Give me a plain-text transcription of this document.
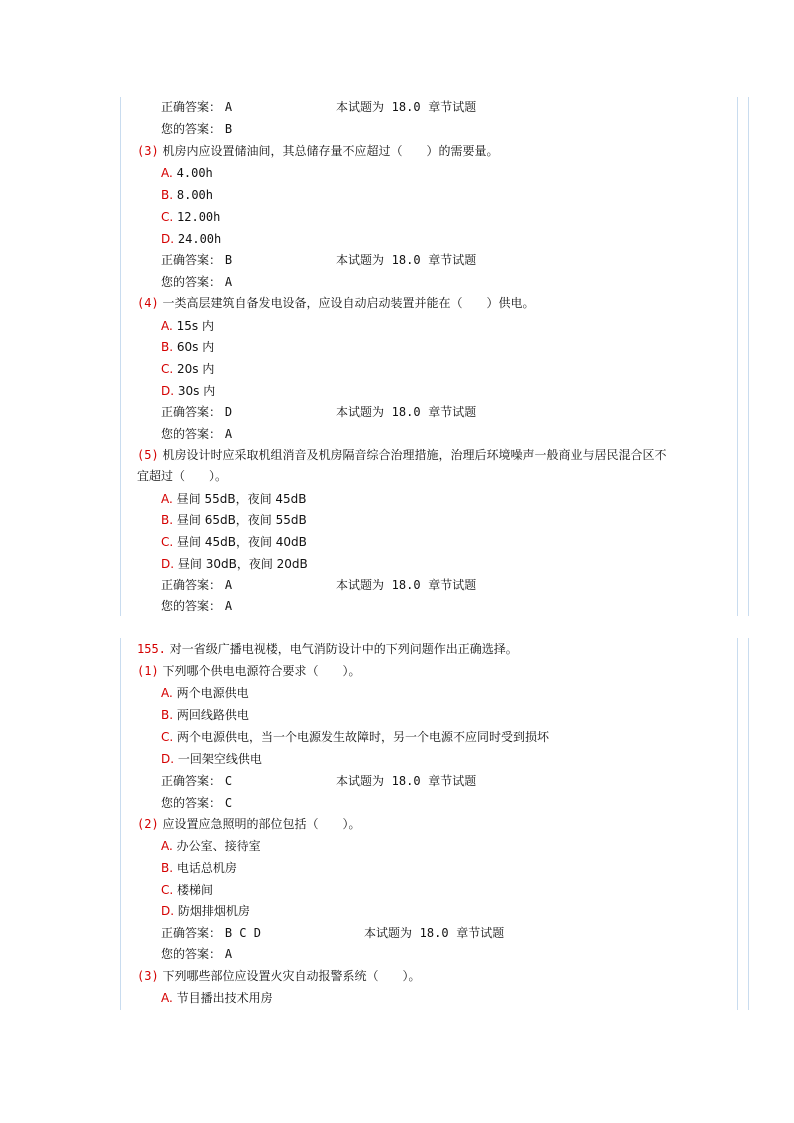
正确答案： A	本试题为 18.0 章节试题
您的答案： B
(3) 机房内应设置储油间，其总储存量不应超过（　　）的需要量。
A. 4.00h
B. 8.00h
C. 12.00h
D. 24.00h
正确答案： B	本试题为 18.0 章节试题
您的答案： A
(4) 一类高层建筑自备发电设备，应设自动启动装置并能在（　　）供电。
A. 15s 内
B. 60s 内
C. 20s 内
D. 30s 内
正确答案： D	本试题为 18.0 章节试题
您的答案： A
(5) 机房设计时应采取机组消音及机房隔音综合治理措施，治理后环境噪声一般商业与居民混合区不
宜超过（　　）。
A. 昼间 55dB，夜间 45dB
B. 昼间 65dB，夜间 55dB
C. 昼间 45dB，夜间 40dB
D. 昼间 30dB，夜间 20dB
正确答案： A	本试题为 18.0 章节试题
您的答案： A
155. 对一省级广播电视楼，电气消防设计中的下列问题作出正确选择。
(1) 下列哪个供电电源符合要求（　　）。
A. 两个电源供电
B. 两回线路供电
C. 两个电源供电，当一个电源发生故障时，另一个电源不应同时受到损坏
D. 一回架空线供电
正确答案： C	本试题为 18.0 章节试题
您的答案： C
(2) 应设置应急照明的部位包括（　　）。
A. 办公室、接待室
B. 电话总机房
C. 楼梯间
D. 防烟排烟机房
正确答案： B C D	本试题为 18.0 章节试题
您的答案： A
(3) 下列哪些部位应设置火灾自动报警系统（　　）。
A. 节目播出技术用房
